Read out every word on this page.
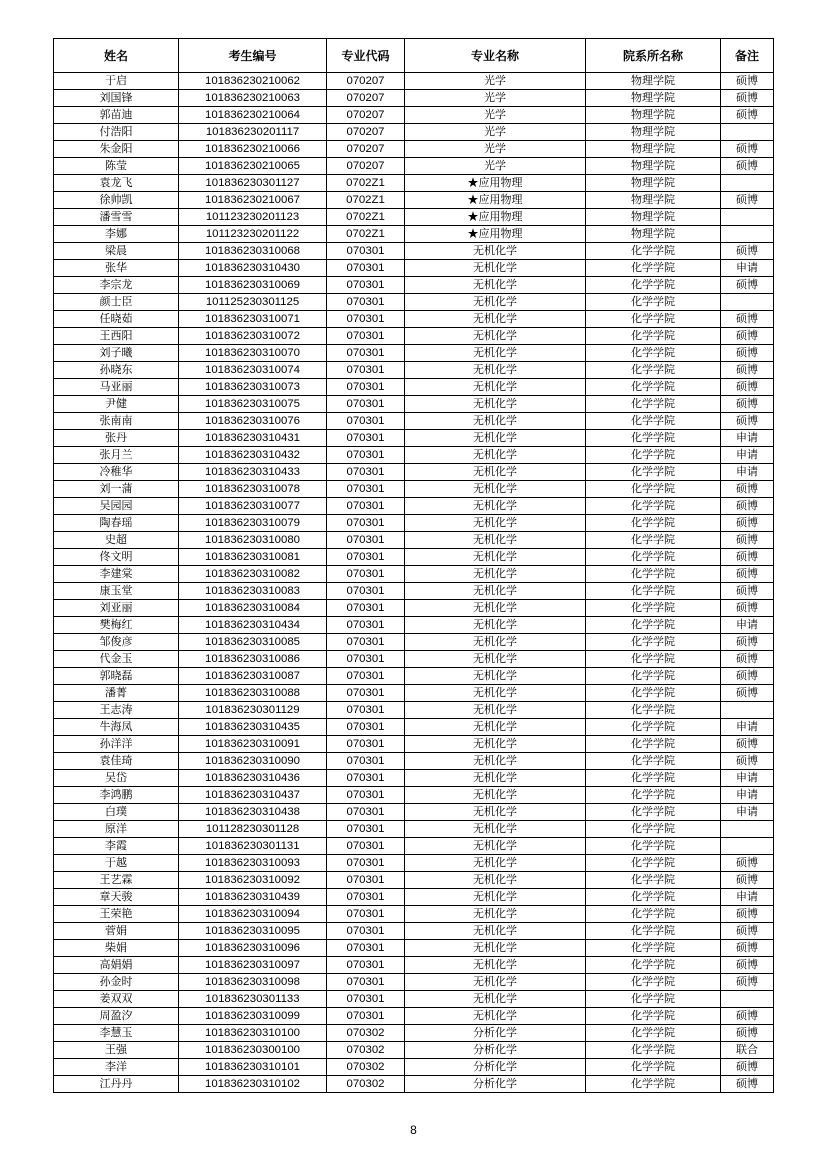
姓名	考生编号	专业代码	专业名称	院系所名称	备注
于启	101836230210062	070207	光学	物理学院	硕博
刘国锋	101836230210063	070207	光学	物理学院	硕博
郭苗迪	101836230210064	070207	光学	物理学院	硕博
付浩阳	101836230201117	070207	光学	物理学院	
朱金阳	101836230210066	070207	光学	物理学院	硕博
陈莹	101836230210065	070207	光学	物理学院	硕博
袁龙飞	101836230301127	0702Z1	★应用物理	物理学院	
徐帅凯	101836230210067	0702Z1	★应用物理	物理学院	硕博
潘雪雪	101123230201123	0702Z1	★应用物理	物理学院	
李娜	101123230201122	0702Z1	★应用物理	物理学院	
梁晨	101836230310068	070301	无机化学	化学学院	硕博
张华	101836230310430	070301	无机化学	化学学院	申请
李宗龙	101836230310069	070301	无机化学	化学学院	硕博
颜士臣	101125230301125	070301	无机化学	化学学院	
任晓茹	101836230310071	070301	无机化学	化学学院	硕博
王西阳	101836230310072	070301	无机化学	化学学院	硕博
刘子曦	101836230310070	070301	无机化学	化学学院	硕博
孙晓东	101836230310074	070301	无机化学	化学学院	硕博
马亚丽	101836230310073	070301	无机化学	化学学院	硕博
尹健	101836230310075	070301	无机化学	化学学院	硕博
张南南	101836230310076	070301	无机化学	化学学院	硕博
张丹	101836230310431	070301	无机化学	化学学院	申请
张月兰	101836230310432	070301	无机化学	化学学院	申请
冷稚华	101836230310433	070301	无机化学	化学学院	申请
刘一蒲	101836230310078	070301	无机化学	化学学院	硕博
吴园园	101836230310077	070301	无机化学	化学学院	硕博
陶春瑶	101836230310079	070301	无机化学	化学学院	硕博
史超	101836230310080	070301	无机化学	化学学院	硕博
佟文明	101836230310081	070301	无机化学	化学学院	硕博
李建棠	101836230310082	070301	无机化学	化学学院	硕博
康玉堂	101836230310083	070301	无机化学	化学学院	硕博
刘亚丽	101836230310084	070301	无机化学	化学学院	硕博
樊梅红	101836230310434	070301	无机化学	化学学院	申请
邹俊彦	101836230310085	070301	无机化学	化学学院	硕博
代金玉	101836230310086	070301	无机化学	化学学院	硕博
郭晓磊	101836230310087	070301	无机化学	化学学院	硕博
潘菁	101836230310088	070301	无机化学	化学学院	硕博
王志涛	101836230301129	070301	无机化学	化学学院	
牛海凤	101836230310435	070301	无机化学	化学学院	申请
孙洋洋	101836230310091	070301	无机化学	化学学院	硕博
袁佳琦	101836230310090	070301	无机化学	化学学院	硕博
吴岱	101836230310436	070301	无机化学	化学学院	申请
李鸿鹏	101836230310437	070301	无机化学	化学学院	申请
白璞	101836230310438	070301	无机化学	化学学院	申请
原洋	101128230301128	070301	无机化学	化学学院	
李霞	101836230301131	070301	无机化学	化学学院	
于越	101836230310093	070301	无机化学	化学学院	硕博
王艺霖	101836230310092	070301	无机化学	化学学院	硕博
章天骏	101836230310439	070301	无机化学	化学学院	申请
王荣艳	101836230310094	070301	无机化学	化学学院	硕博
菅娟	101836230310095	070301	无机化学	化学学院	硕博
柴娟	101836230310096	070301	无机化学	化学学院	硕博
高娟娟	101836230310097	070301	无机化学	化学学院	硕博
孙金时	101836230310098	070301	无机化学	化学学院	硕博
姜双双	101836230301133	070301	无机化学	化学学院	
周盈汐	101836230310099	070301	无机化学	化学学院	硕博
李慧玉	101836230310100	070302	分析化学	化学学院	硕博
王强	101836230300100	070302	分析化学	化学学院	联合
李洋	101836230310101	070302	分析化学	化学学院	硕博
江丹丹	101836230310102	070302	分析化学	化学学院	硕博
8
